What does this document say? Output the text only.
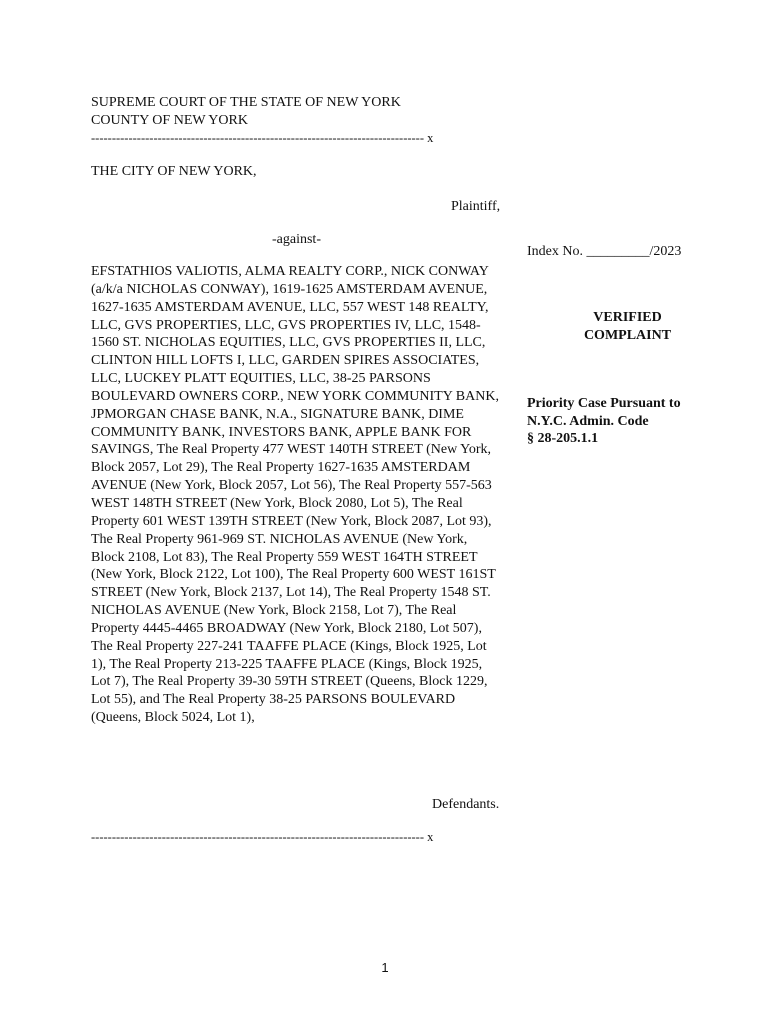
SUPREME COURT OF THE STATE OF NEW YORK
COUNTY OF NEW YORK
-------------------------------------------------------------------------------- x
THE CITY OF NEW YORK,
Plaintiff,
-against-
Index No. _________/2023
EFSTATHIOS VALIOTIS, ALMA REALTY CORP., NICK CONWAY (a/k/a NICHOLAS CONWAY), 1619-1625 AMSTERDAM AVENUE, 1627-1635 AMSTERDAM AVENUE, LLC, 557 WEST 148 REALTY, LLC, GVS PROPERTIES, LLC, GVS PROPERTIES IV, LLC, 1548-1560 ST. NICHOLAS EQUITIES, LLC, GVS PROPERTIES II, LLC, CLINTON HILL LOFTS I, LLC, GARDEN SPIRES ASSOCIATES, LLC, LUCKEY PLATT EQUITIES, LLC, 38-25 PARSONS BOULEVARD OWNERS CORP., NEW YORK COMMUNITY BANK, JPMORGAN CHASE BANK, N.A., SIGNATURE BANK, DIME COMMUNITY BANK, INVESTORS BANK, APPLE BANK FOR SAVINGS, The Real Property 477 WEST 140TH STREET (New York, Block 2057, Lot 29), The Real Property 1627-1635 AMSTERDAM AVENUE (New York, Block 2057, Lot 56), The Real Property 557-563 WEST 148TH STREET (New York, Block 2080, Lot 5), The Real Property 601 WEST 139TH STREET (New York, Block 2087, Lot 93), The Real Property 961-969 ST. NICHOLAS AVENUE (New York, Block 2108, Lot 83), The Real Property 559 WEST 164TH STREET (New York, Block 2122, Lot 100), The Real Property 600 WEST 161ST STREET (New York, Block 2137, Lot 14), The Real Property 1548 ST. NICHOLAS AVENUE (New York, Block 2158, Lot 7), The Real Property 4445-4465 BROADWAY (New York, Block 2180, Lot 507), The Real Property 227-241 TAAFFE PLACE (Kings, Block 1925, Lot 1), The Real Property 213-225 TAAFFE PLACE (Kings, Block 1925, Lot 7), The Real Property 39-30 59TH STREET (Queens, Block 1229, Lot 55), and The Real Property 38-25 PARSONS BOULEVARD (Queens, Block 5024, Lot 1),
Defendants.
-------------------------------------------------------------------------------- x
VERIFIED
COMPLAINT
Priority Case Pursuant to
N.Y.C. Admin. Code
§ 28-205.1.1
1
